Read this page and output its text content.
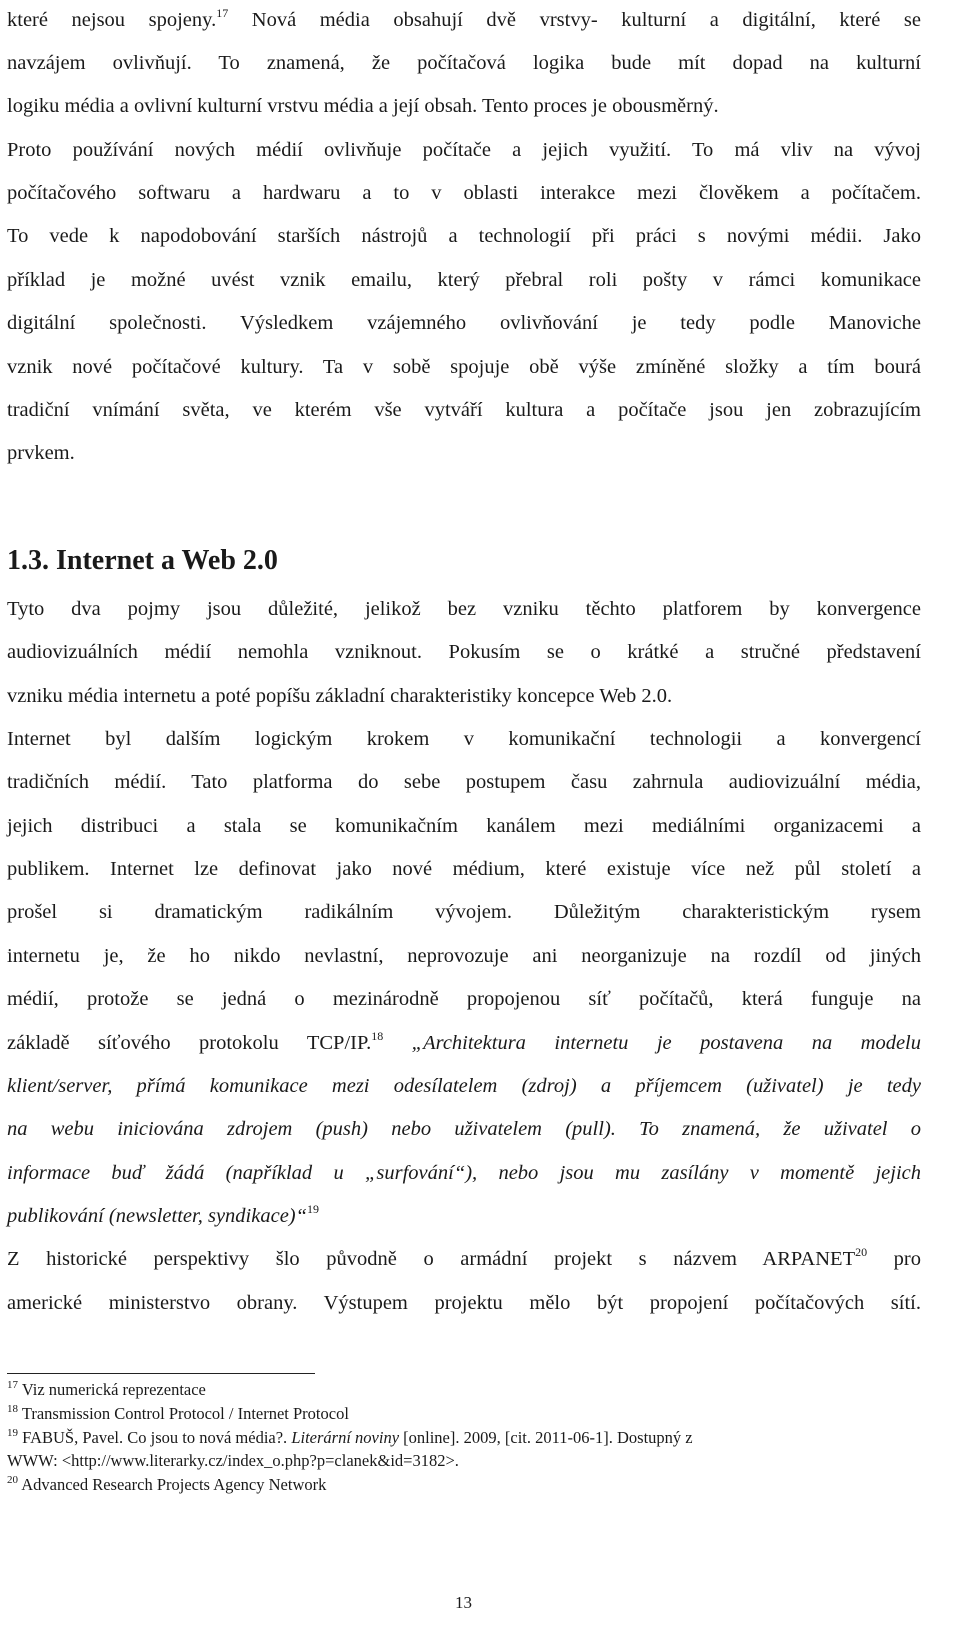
které nejsou spojeny.$^{17}$ Nová média obsahují dvě vrstvy- kulturní a digitální, které se
navzájem ovlivňují. To znamená, že počítačová logika bude mít dopad na kulturní
logiku média a ovlivní kulturní vrstvu média a její obsah. Tento proces je obousměrný.
Proto používání nových médií ovlivňuje počítače a jejich využití. To má vliv na vývoj
počítačového softwaru a hardwaru a to v oblasti interakce mezi člověkem a počítačem.
To vede k napodobování starších nástrojů a technologií při práci s novými médii. Jako
příklad je možné uvést vznik emailu, který přebral roli pošty v rámci komunikace
digitální společnosti. Výsledkem vzájemného ovlivňování je tedy podle Manoviche
vznik nové počítačové kultury. Ta v sobě spojuje obě výše zmíněné složky a tím bourá
tradiční vnímání světa, ve kterém vše vytváří kultura a počítače jsou jen zobrazujícím
prvkem.
1.3. Internet a Web 2.0
Tyto dva pojmy jsou důležité, jelikož bez vzniku těchto platforem by konvergence
audiovizuálních médií nemohla vzniknout. Pokusím se o krátké a stručné představení
vzniku média internetu a poté popíšu základní charakteristiky koncepce Web 2.0.
Internet byl dalším logickým krokem v komunikační technologii a konvergencí
tradičních médií. Tato platforma do sebe postupem času zahrnula audiovizuální média,
jejich distribuci a stala se komunikačním kanálem mezi mediálními organizacemi a
publikem. Internet lze definovat jako nové médium, které existuje více než půl století a
prošel si dramatickým radikálním vývojem. Důležitým charakteristickým rysem
internetu je, že ho nikdo nevlastní, neprovozuje ani neorganizuje na rozdíl od jiných
médií, protože se jedná o mezinárodně propojenou síť počítačů, která funguje na
základě síťového protokolu TCP/IP.$^{18}$ „Architektura internetu je postavena na modelu
klient/server, přímá komunikace mezi odesílatelem (zdroj) a příjemcem (uživatel) je tedy
na webu iniciována zdrojem (push) nebo uživatelem (pull). To znamená, že uživatel o
informace buď žádá (například u „surfování“), nebo jsou mu zasílány v momentě jejich
publikování (newsletter, syndikace)“$^{19}$
Z historické perspektivy šlo původně o armádní projekt s názvem ARPANET$^{20}$ pro
americké ministerstvo obrany. Výstupem projektu mělo být propojení počítačových sítí.
$^{17}$ Viz numerická reprezentace
$^{18}$ Transmission Control Protocol / Internet Protocol
$^{19}$ FABUŠ, Pavel. Co jsou to nová média?. Literární noviny [online]. 2009, [cit. 2011-06-1]. Dostupný z
WWW: <http://www.literarky.cz/index_o.php?p=clanek&id=3182>.
$^{20}$ Advanced Research Projects Agency Network
13
